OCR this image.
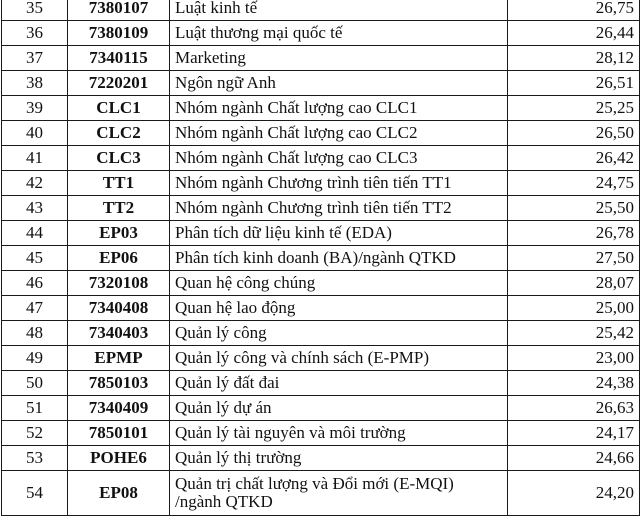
35	7380107	Luật kinh tế	26,75
36	7380109	Luật thương mại quốc tế	26,44
37	7340115	Marketing	28,12
38	7220201	Ngôn ngữ Anh	26,51
39	CLC1	Nhóm ngành Chất lượng cao CLC1	25,25
40	CLC2	Nhóm ngành Chất lượng cao CLC2	26,50
41	CLC3	Nhóm ngành Chất lượng cao CLC3	26,42
42	TT1	Nhóm ngành Chương trình tiên tiến TT1	24,75
43	TT2	Nhóm ngành Chương trình tiên tiến TT2	25,50
44	EP03	Phân tích dữ liệu kinh tế (EDA)	26,78
45	EP06	Phân tích kinh doanh (BA)/ngành QTKD	27,50
46	7320108	Quan hệ công chúng	28,07
47	7340408	Quan hệ lao động	25,00
48	7340403	Quản lý công	25,42
49	EPMP	Quản lý công và chính sách (E-PMP)	23,00
50	7850103	Quản lý đất đai	24,38
51	7340409	Quản lý dự án	26,63
52	7850101	Quản lý tài nguyên và môi trường	24,17
53	POHE6	Quản lý thị trường	24,66
54	EP08	Quản trị chất lượng và Đổi mới (E-MQI) /ngành QTKD	24,20
